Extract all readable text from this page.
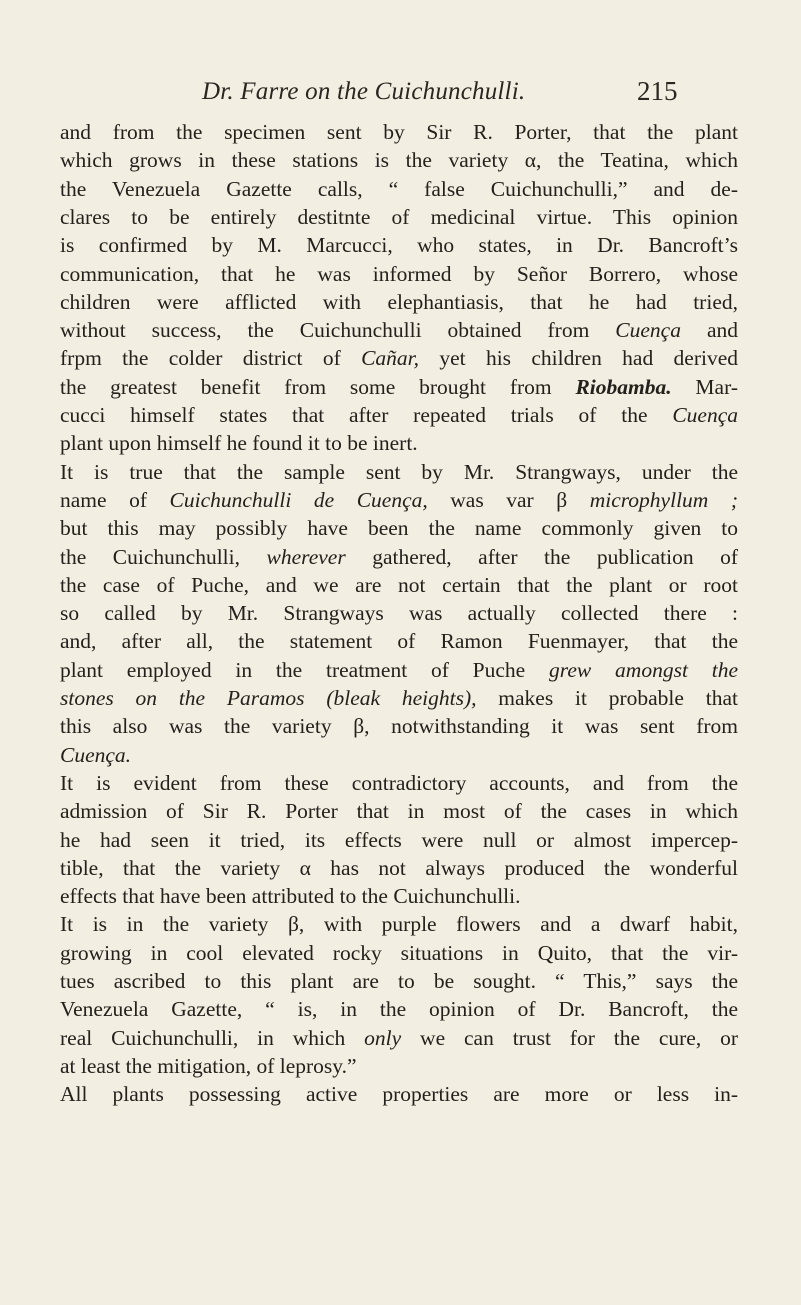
Dr. Farre on the Cuichunchulli.	215
and from the specimen sent by Sir R. Porter, that the plant
which grows in these stations is the variety α, the Teatina, which
the Venezuela Gazette calls, “ false Cuichunchulli,” and de-
clares to be entirely destitnte of medicinal virtue. This opinion
is confirmed by M. Marcucci, who states, in Dr. Bancroft’s
communication, that he was informed by Señor Borrero, whose
children were afflicted with elephantiasis, that he had tried,
without success, the Cuichunchulli obtained from Cuença and
frpm the colder district of Cañar, yet his children had derived
the greatest benefit from some brought from Riobamba. Mar-
cucci himself states that after repeated trials of the Cuença
plant upon himself he found it to be inert.
It is true that the sample sent by Mr. Strangways, under the
name of Cuichunchulli de Cuença, was var β microphyllum ;
but this may possibly have been the name commonly given to
the Cuichunchulli, wherever gathered, after the publication of
the case of Puche, and we are not certain that the plant or root
so called by Mr. Strangways was actually collected there :
and, after all, the statement of Ramon Fuenmayer, that the
plant employed in the treatment of Puche grew amongst the
stones on the Paramos (bleak heights), makes it probable that
this also was the variety β, notwithstanding it was sent from
Cuença.
It is evident from these contradictory accounts, and from the
admission of Sir R. Porter that in most of the cases in which
he had seen it tried, its effects were null or almost impercep-
tible, that the variety α has not always produced the wonderful
effects that have been attributed to the Cuichunchulli.
It is in the variety β, with purple flowers and a dwarf habit,
growing in cool elevated rocky situations in Quito, that the vir-
tues ascribed to this plant are to be sought. “ This,” says the
Venezuela Gazette, “ is, in the opinion of Dr. Bancroft, the
real Cuichunchulli, in which only we can trust for the cure, or
at least the mitigation, of leprosy.”
All plants possessing active properties are more or less in-
